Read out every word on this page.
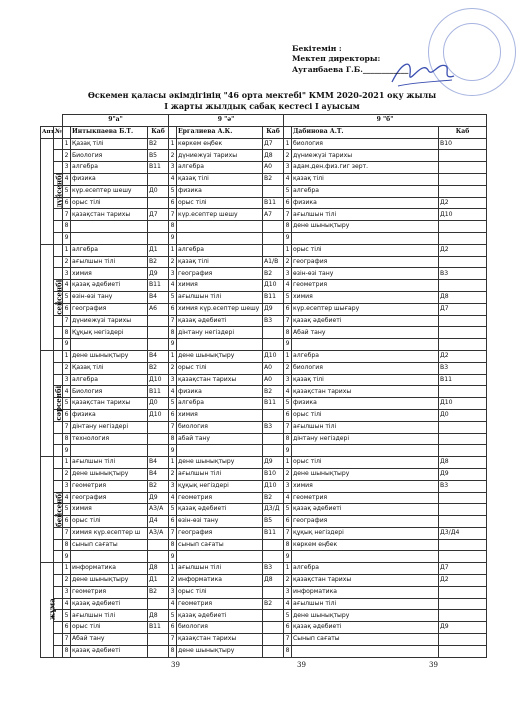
Бекітемін :
Мектеп директоры:
Ауганбаева Г.Б.____________
Өскемен қаласы әкімдігінің "46 орта мектебі" КММ 2020-2021 оқу жылы
I жарты жылдық сабақ кестесі I ауысым
		9"а"			9 "ә"			9 "б"		
Апт.	№		Интыкпаева Б.Т.	Каб		Ергалиева А.К.	Каб		Дабинова А.Т.	Каб
дүйсенбі		1	Қазақ тілі	В2	1	көркем еңбек	Д7	1	биология	В10
		2	Биология	В5	2	дүниежүзі тарихы	Д8	2	дүниежүзі тарихы	
		3	алгебра	В11	3	алгебра	А0	3	адам.ден.физ.гиг зерт.	
		4	физика		4	қазақ тілі	В2	4	қазақ тілі	
		5	күр.есептер шешу	Д0	5	физика		5	алгебра	
		6	орыс тілі		6	орыс тілі	В11	6	физика	Д2
		7	қазақстан тарихы	Д7	7	күр.есептер шешу	А7	7	ағылшын тілі	Д10
		8			8			8	дене шынықтыру	
		9			9			9		
сейсенбі		1	алгебра	Д1	1	алгебра		1	орыс тілі	Д2
		2	ағылшын тілі	В2	2	қазақ тілі	А1/В	2	география	
		3	химия	Д9	3	география	В2	3	өзін-өзі тану	В3
		4	қазақ әдебиеті	В11	4	химия	Д10	4	геометрия	
		5	өзін-өзі тану	В4	5	ағылшын тілі	В11	5	химия	Д8
		6	география	А6	6	химия күр.есептер шешу	Д9	6	күр.есептер шығару	Д7
		7	дүниежүзі тарихы		7	қазақ әдебиеті	В3	7	қазақ әдебиеті	
		8	Құқық негіздері		8	дінтану негіздері		8	Абай тану	
		9			9			9		
сәрсенбі		1	дене шынықтыру	В4	1	дене шынықтыру	Д10	1	алгебра	Д2
		2	Қазақ тілі	В2	2	орыс тілі	А0	2	биология	В3
		3	алгебра	Д10	3	қазақстан тарихы	А0	3	қазақ тілі	В11
		4	Биология	В11	4	физика	В2	4	қазақстан тарихы	
		5	қазақстан тарихы	Д0	5	алгебра	В11	5	физика	Д10
		6	физика	Д10	6	химия		6	орыс тілі	Д0
		7	дінтану негіздері		7	биология	В3	7	ағылшын тілі	
		8	технология		8	абай тану		8	дінтану негіздері	
		9			9			9		
бейсенбі		1	ағылшын тілі	В4	1	дене шынықтыру	Д9	1	орыс тілі	Д8
		2	дене шынықтыру	В4	2	ағылшын тілі	В10	2	дене шынықтыру	Д9
		3	геометрия	В2	3	құқық негіздері	Д10	3	химия	В3
		4	география	Д9	4	геометрия	В2	4	геометрия	
		5	химия	А3/А	5	қазақ әдебиеті	Д3/Д	5	қазақ әдебиеті	
		6	орыс тілі	Д4	6	өзін-өзі тану	В5	6	география	
		7	химия күр.есептер ш	А3/А	7	география	В11	7	құқық негіздері	Д3/Д4
		8	сынып сағаты		8	сынып сағаты		8	көркем еңбек	
		9			9			9		
жұма		1	информатика	Д8	1	ағылшын тілі	В3	1	алгебра	Д7
		2	дене шынықтыру	Д1	2	информатика	Д8	2	қазақстан тарихы	Д2
		3	геометрия	В2	3	орыс тілі		3	информатика	
		4	қазақ әдебиеті		4	геометрия	В2	4	ағылшын тілі	
		5	ағылшын тілі	Д8	5	қазақ әдебиеті		5	дене шынықтыру	
		6	орыс тілі	В11	6	биология		6	қазақ әдебиеті	Д9
		7	Абай тану		7	қазақстан тарихы		7	Сынып сағаты	
		8	қазақ әдебиеті		8	дене шынықтыру		8		
39	39	39
